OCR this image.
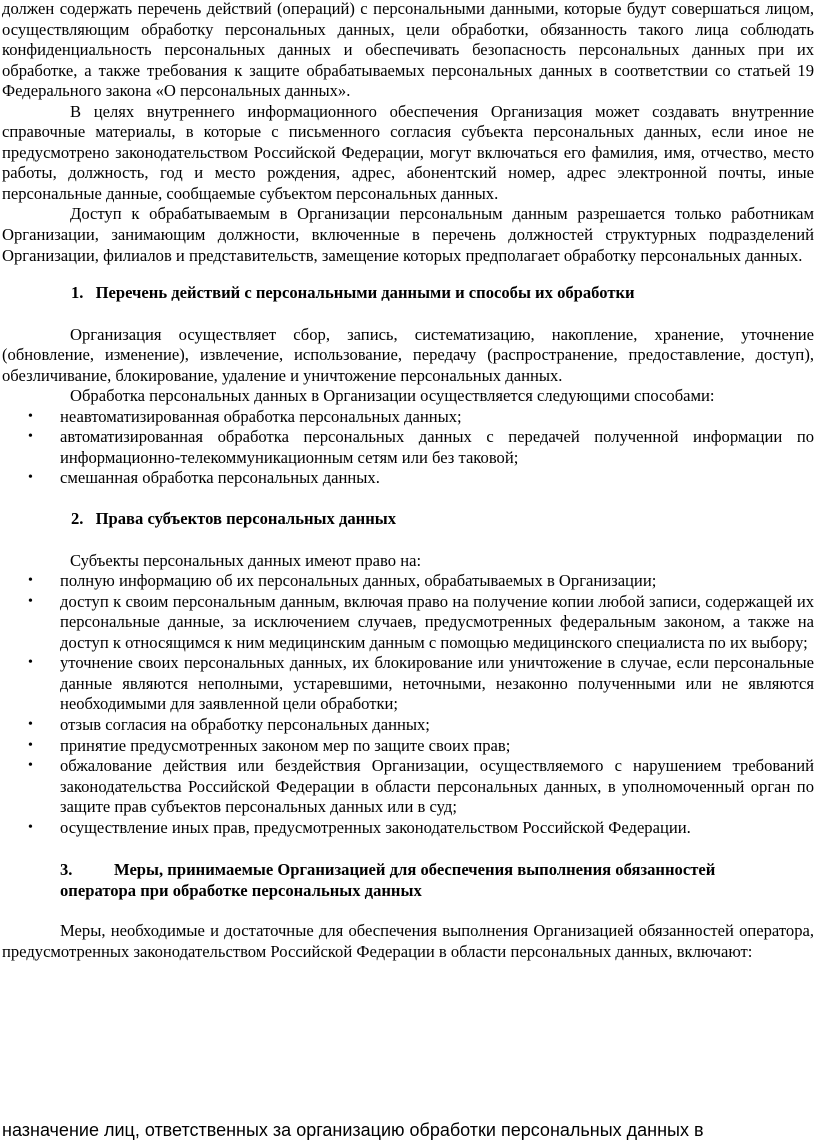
должен содержать перечень действий (операций) с персональными данными, которые будут совершаться лицом, осуществляющим обработку персональных данных, цели обработки, обязанность такого лица соблюдать конфиденциальность персональных данных и обеспечивать безопасность персональных данных при их обработке, а также требования к защите обрабатываемых персональных данных в соответствии со статьей 19 Федерального закона «О персональных данных».

В целях внутреннего информационного обеспечения Организация может создавать внутренние справочные материалы, в которые с письменного согласия субъекта персональных данных, если иное не предусмотрено законодательством Российской Федерации, могут включаться его фамилия, имя, отчество, место работы, должность, год и место рождения, адрес, абонентский номер, адрес электронной почты, иные персональные данные, сообщаемые субъектом персональных данных.

Доступ к обрабатываемым в Организации персональным данным разрешается только работникам Организации, занимающим должности, включенные в перечень должностей структурных подразделений Организации, филиалов и представительств, замещение которых предполагает обработку персональных данных.

1. Перечень действий с персональными данными и способы их обработки

Организация осуществляет сбор, запись, систематизацию, накопление, хранение, уточнение (обновление, изменение), извлечение, использование, передачу (распространение, предоставление, доступ), обезличивание, блокирование, удаление и уничтожение персональных данных.

Обработка персональных данных в Организации осуществляется следующими способами:

• неавтоматизированная обработка персональных данных;
• автоматизированная обработка персональных данных с передачей полученной информации по информационно-телекоммуникационным сетям или без таковой;
• смешанная обработка персональных данных.
2. Права субъектов персональных данных

Субъекты персональных данных имеют право на:

• полную информацию об их персональных данных, обрабатываемых в Организации;
• доступ к своим персональным данным, включая право на получение копии любой записи, содержащей их персональные данные, за исключением случаев, предусмотренных федеральным законом, а также на доступ к относящимся к ним медицинским данным с помощью медицинского специалиста по их выбору;
• уточнение своих персональных данных, их блокирование или уничтожение в случае, если персональные данные являются неполными, устаревшими, неточными, незаконно полученными или не являются необходимыми для заявленной цели обработки;
• отзыв согласия на обработку персональных данных;
• принятие предусмотренных законом мер по защите своих прав;
• обжалование действия или бездействия Организации, осуществляемого с нарушением требований законодательства Российской Федерации в области персональных данных, в уполномоченный орган по защите прав субъектов персональных данных или в суд;
• осуществление иных прав, предусмотренных законодательством Российской Федерации.
3.	Меры, принимаемые Организацией для обеспечения выполнения обязанностей
оператора при обработке персональных данных

Меры, необходимые и достаточные для обеспечения выполнения Организацией обязанностей оператора, предусмотренных законодательством Российской Федерации в области персональных данных, включают:

назначение лиц, ответственных за организацию обработки персональных данных в
